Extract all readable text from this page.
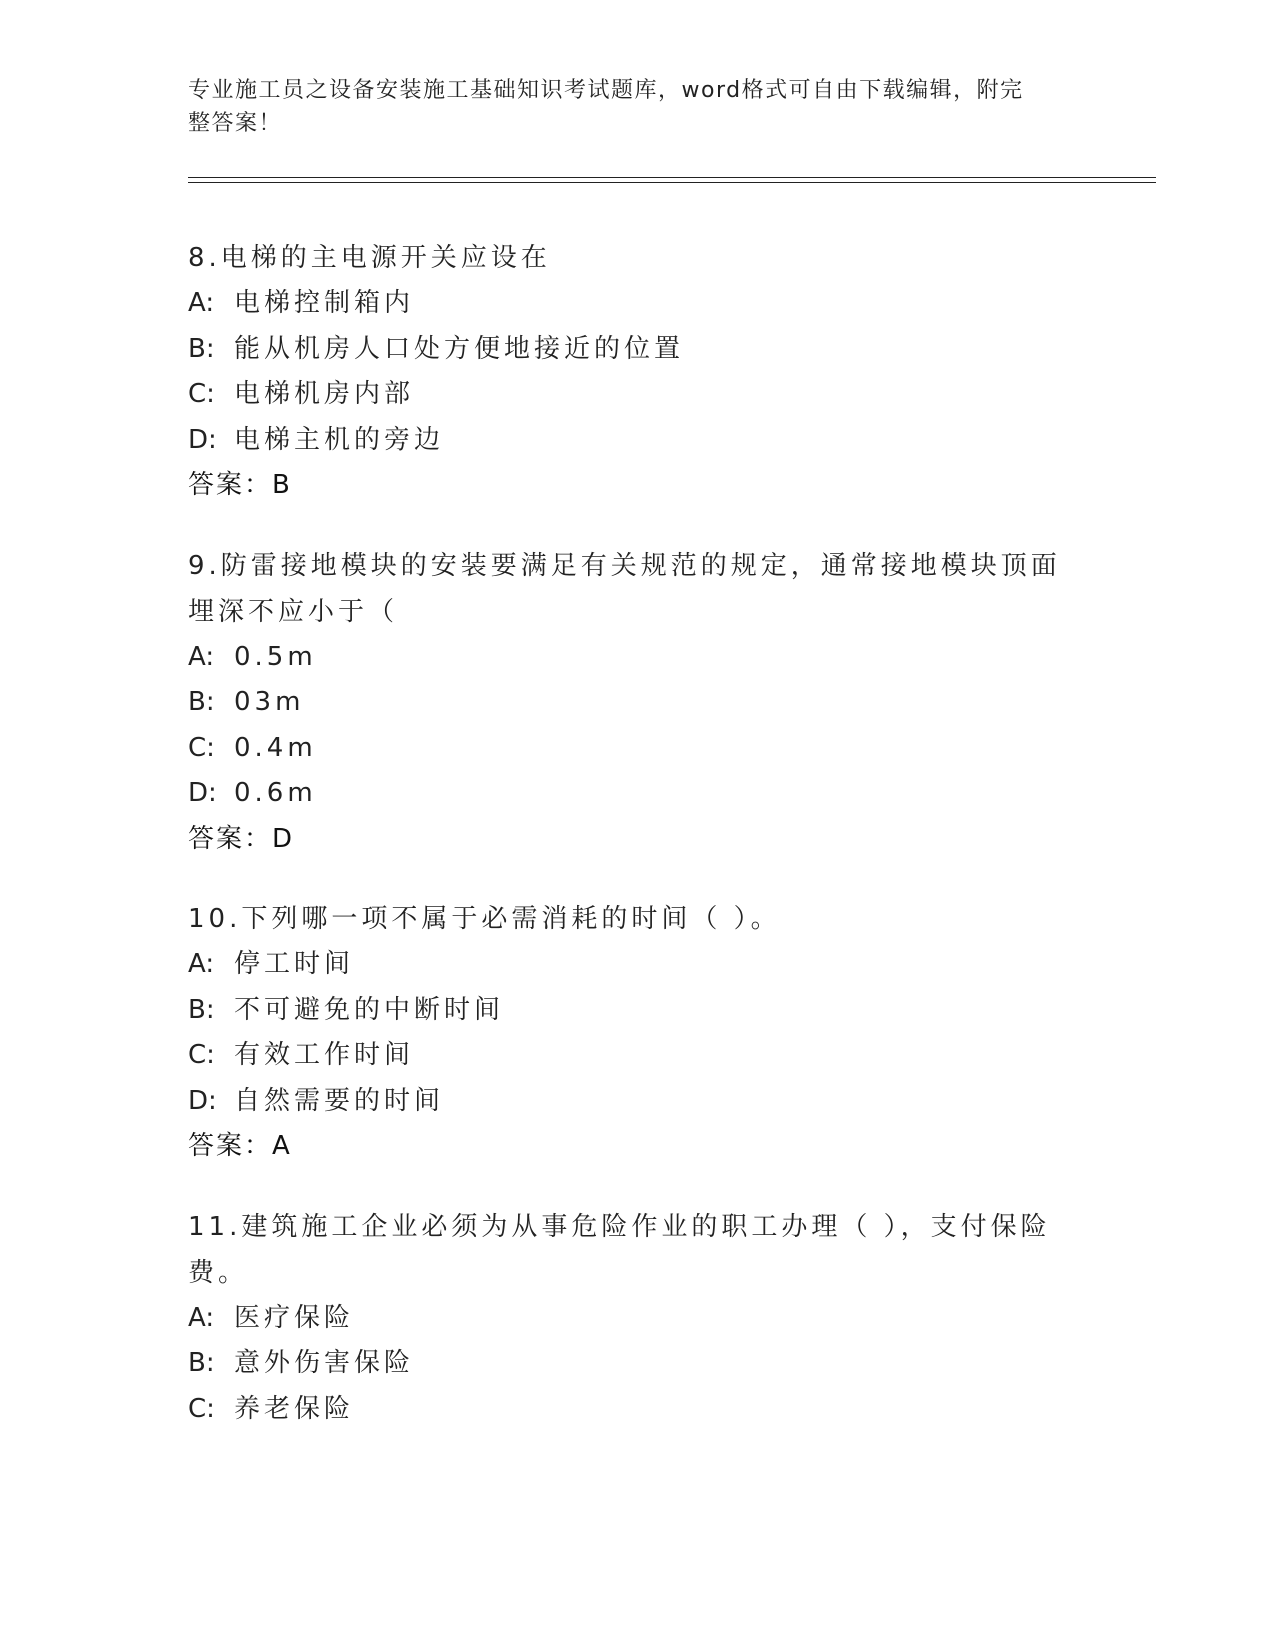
专业施工员之设备安装施工基础知识考试题库，word格式可自由下载编辑，附完
整答案！

8.电梯的主电源开关应设在

A: 电梯控制箱内
B: 能从机房人口处方便地接近的位置
C: 电梯机房内部
D: 电梯主机的旁边
答案：B

9.防雷接地模块的安装要满足有关规范的规定，通常接地模块顶面埋深不应小于（

A: 0.5m
B: 03m
C: 0.4m
D: 0.6m
答案：D

10.下列哪一项不属于必需消耗的时间（ ）。

A: 停工时间
B: 不可避免的中断时间
C: 有效工作时间
D: 自然需要的时间
答案：A

11.建筑施工企业必须为从事危险作业的职工办理（ ），支付保险费。

A: 医疗保险
B: 意外伤害保险
C: 养老保险
